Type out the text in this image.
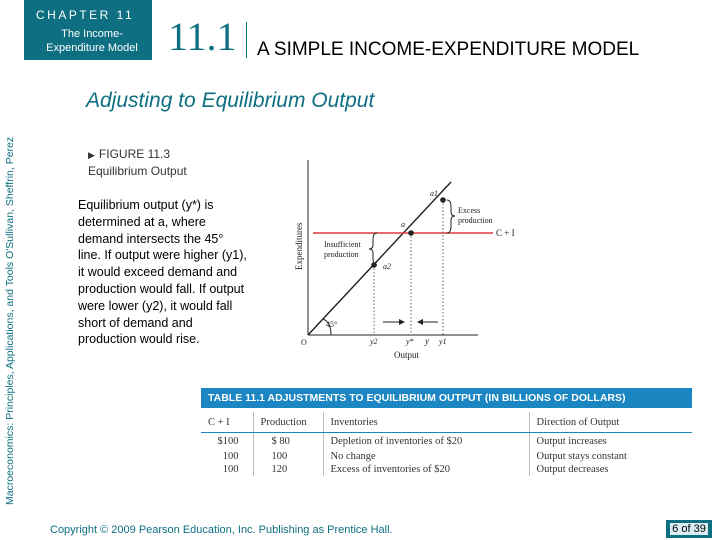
CHAPTER 11
The Income-Expenditure Model 11.1 A SIMPLE INCOME-EXPENDITURE MODEL
Macroeconomics: Principles, Applications, and Tools O'Sullivan, Sheffrin, Perez
Adjusting to Equilibrium Output
▶ FIGURE 11.3
Equilibrium Output
Equilibrium output (y*) is determined at a, where demand intersects the 45° line. If output were higher (y1), it would exceed demand and production would fall. If output were lower (y2), it would fall short of demand and production would rise.
Expenditures
Output
y
O
45°
C + I
a
a1
a2
Excess
production
Insufficient
production
y2	y*	y1
TABLE 11.1 ADJUSTMENTS TO EQUILIBRIUM OUTPUT (IN BILLIONS OF DOLLARS)
C + I	Production	Inventories	Direction of Output
$100	$ 80	Depletion of inventories of $20	Output increases
100	100	No change	Output stays constant
100	120	Excess of inventories of $20	Output decreases
Copyright © 2009 Pearson Education, Inc. Publishing as Prentice Hall.	6 of 39
